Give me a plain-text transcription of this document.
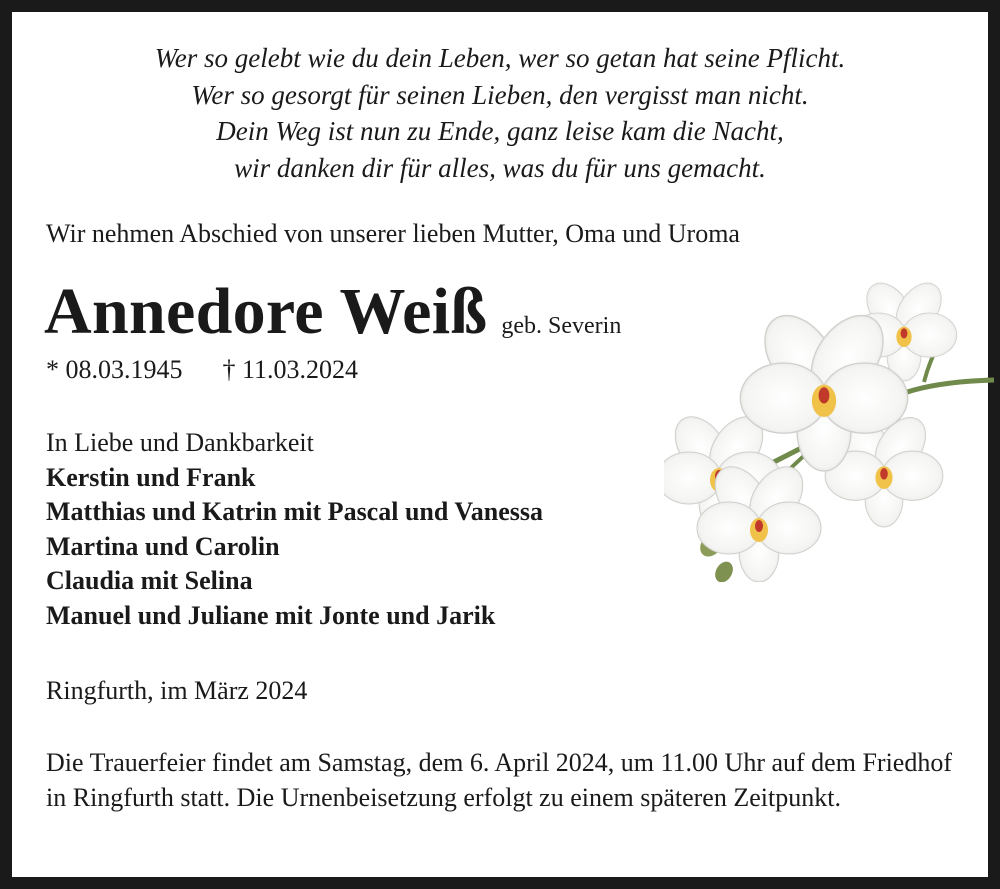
Wer so gelebt wie du dein Leben, wer so getan hat seine Pflicht.
Wer so gesorgt für seinen Lieben, den vergisst man nicht.
Dein Weg ist nun zu Ende, ganz leise kam die Nacht,
wir danken dir für alles, was du für uns gemacht.
Wir nehmen Abschied von unserer lieben Mutter, Oma und Uroma
Annedore Weiß geb. Severin
* 08.03.1945 † 11.03.2024
In Liebe und Dankbarkeit
Kerstin und Frank
Matthias und Katrin mit Pascal und Vanessa
Martina und Carolin
Claudia mit Selina
Manuel und Juliane mit Jonte und Jarik
Ringfurth, im März 2024
Die Trauerfeier findet am Samstag, dem 6. April 2024, um 11.00 Uhr auf dem Friedhof in Ringfurth statt. Die Urnenbeisetzung erfolgt zu einem späteren Zeitpunkt.
